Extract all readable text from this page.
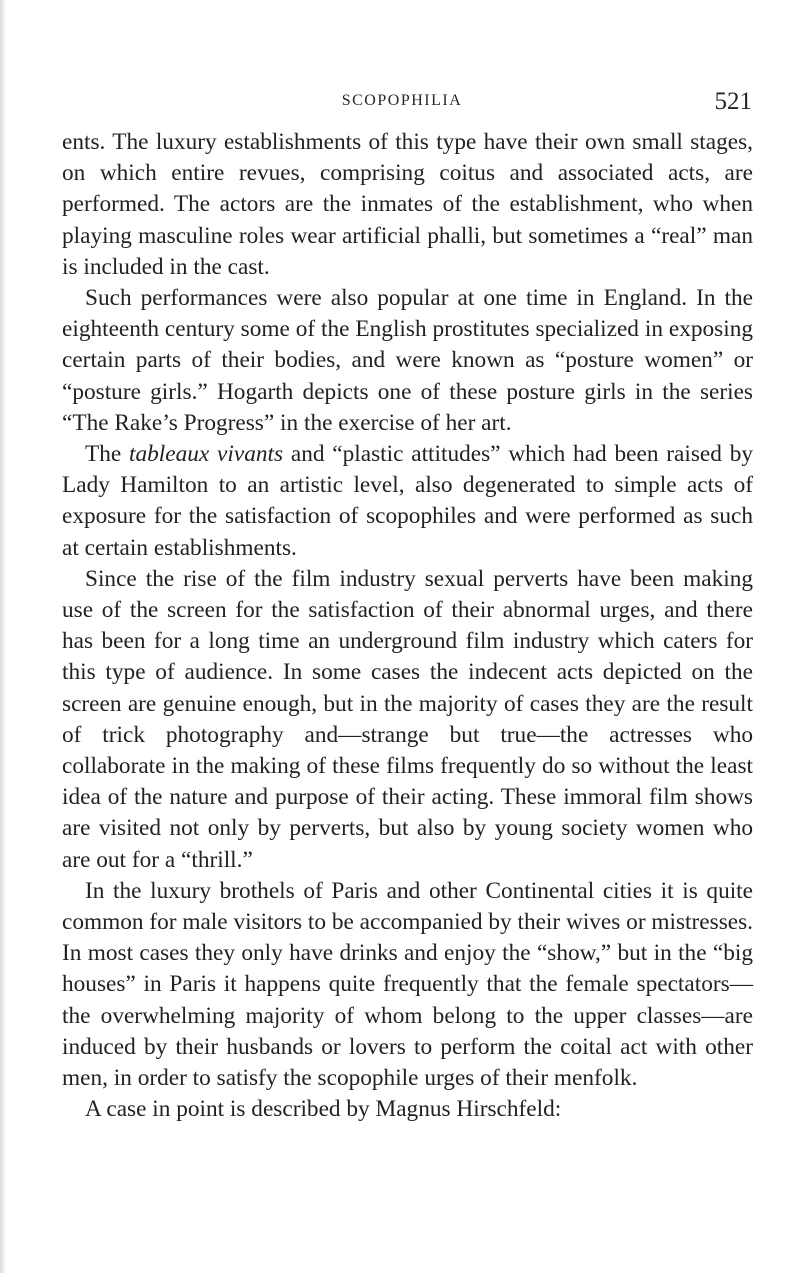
SCOPOPHILIA	521

ents. The luxury establishments of this type have their own small stages, on which entire revues, comprising coitus and associated acts, are performed. The actors are the inmates of the establishment, who when playing masculine roles wear artificial phalli, but sometimes a “real” man is included in the cast.

Such performances were also popular at one time in England. In the eighteenth century some of the English prostitutes specialized in exposing certain parts of their bodies, and were known as “posture women” or “posture girls.” Hogarth depicts one of these posture girls in the series “The Rake’s Progress” in the exercise of her art.

The tableaux vivants and “plastic attitudes” which had been raised by Lady Hamilton to an artistic level, also degenerated to simple acts of exposure for the satisfaction of scopophiles and were performed as such at certain establishments.

Since the rise of the film industry sexual perverts have been making use of the screen for the satisfaction of their abnormal urges, and there has been for a long time an underground film industry which caters for this type of audience. In some cases the indecent acts depicted on the screen are genuine enough, but in the majority of cases they are the result of trick photography and—strange but true—the actresses who collaborate in the making of these films frequently do so without the least idea of the nature and purpose of their acting. These immoral film shows are visited not only by perverts, but also by young society women who are out for a “thrill.”

In the luxury brothels of Paris and other Continental cities it is quite common for male visitors to be accompanied by their wives or mistresses. In most cases they only have drinks and enjoy the “show,” but in the “big houses” in Paris it happens quite frequently that the female spectators—the overwhelming majority of whom belong to the upper classes—are induced by their husbands or lovers to perform the coital act with other men, in order to satisfy the scopophile urges of their menfolk.

A case in point is described by Magnus Hirschfeld:
